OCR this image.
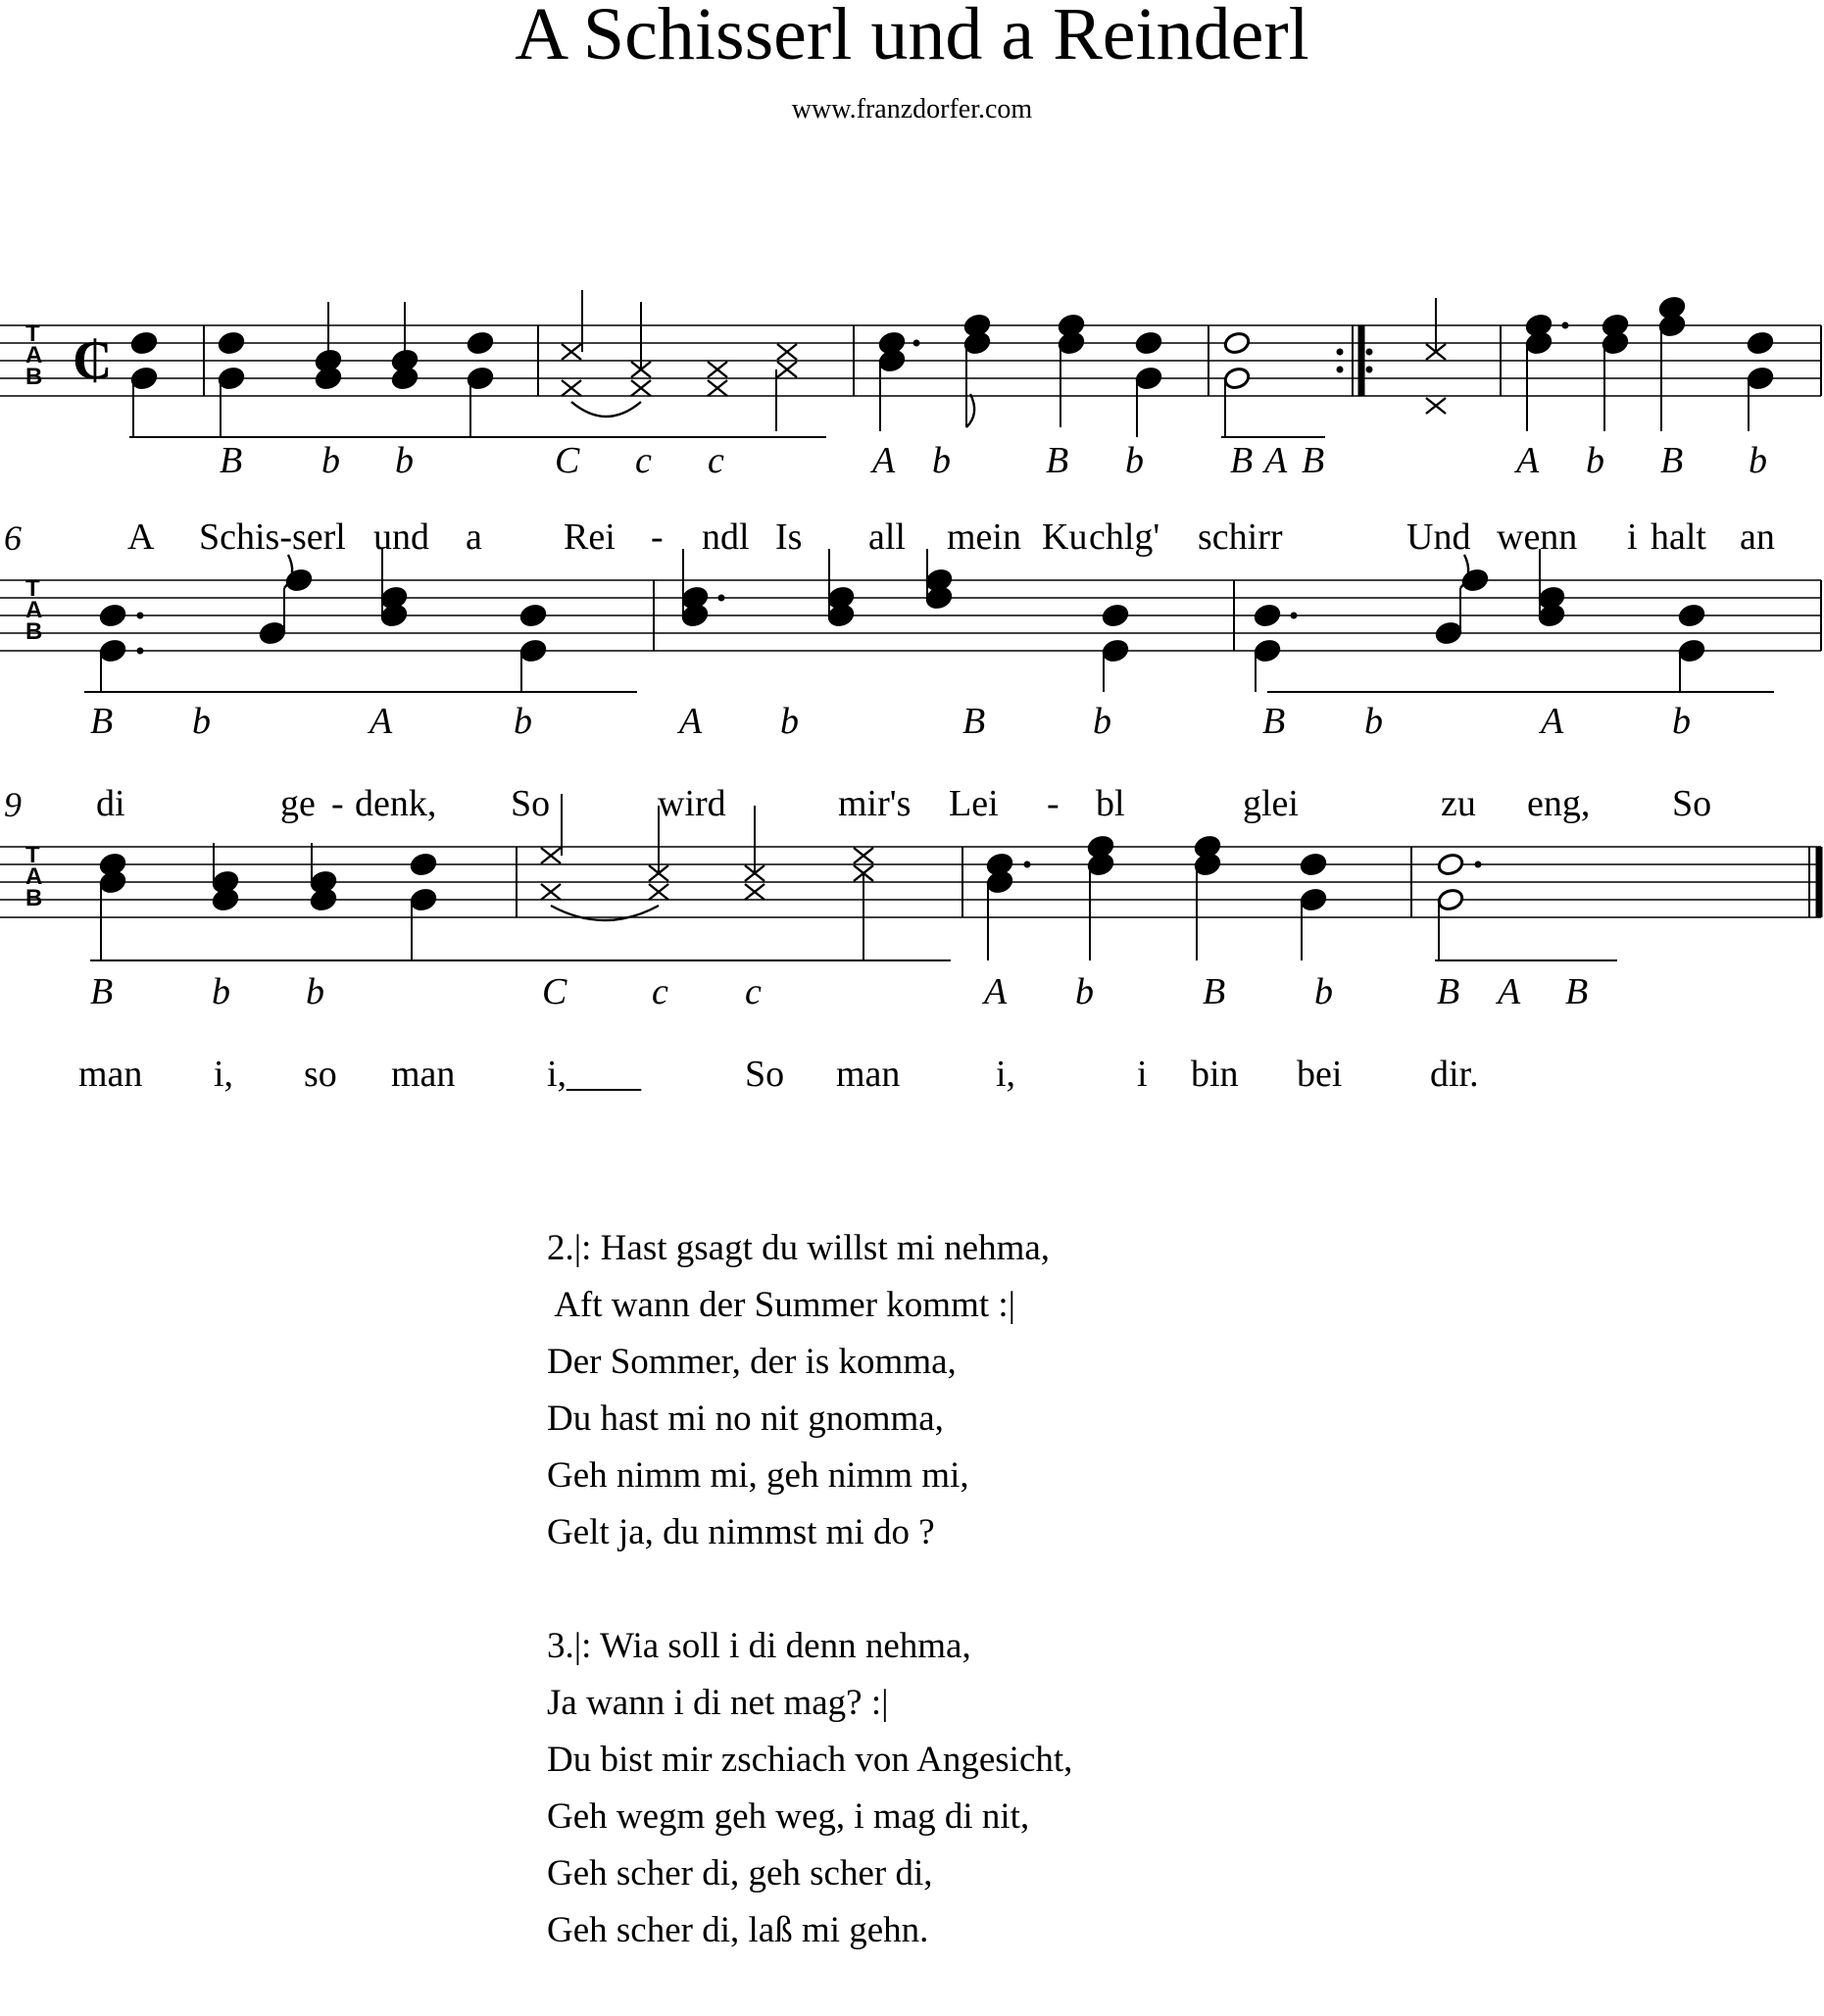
A Schisserl und a Reinderl
www.franzdorfer.com
T
A
B
T
A
B
T
A
B
₵
6
9
B b b	C c c	A b	B b B A B	A b B b
A Schis-serl und a Rei - ndl Is all mein Ku chlg' schirr	Und wenn i halt an
B b	A	b	A b	B	b	B b	A	b
di	ge - denk, So	wird	mir's Lei - bl	glei	zu eng, So
B	b b	C c c	A b	B b	B A B
man i, so man i,____	So man	i,	i bin bei dir.
2.|: Hast gsagt du willst mi nehma,
Aft wann der Summer kommt :|
Der Sommer, der is komma,
Du hast mi no nit gnomma,
Geh nimm mi, geh nimm mi,
Gelt ja, du nimmst mi do ?
3.|: Wia soll i di denn nehma,
Ja wann i di net mag? :|
Du bist mir zschiach von Angesicht,
Geh wegm geh weg, i mag di nit,
Geh scher di, geh scher di,
Geh scher di, laß mi gehn.
